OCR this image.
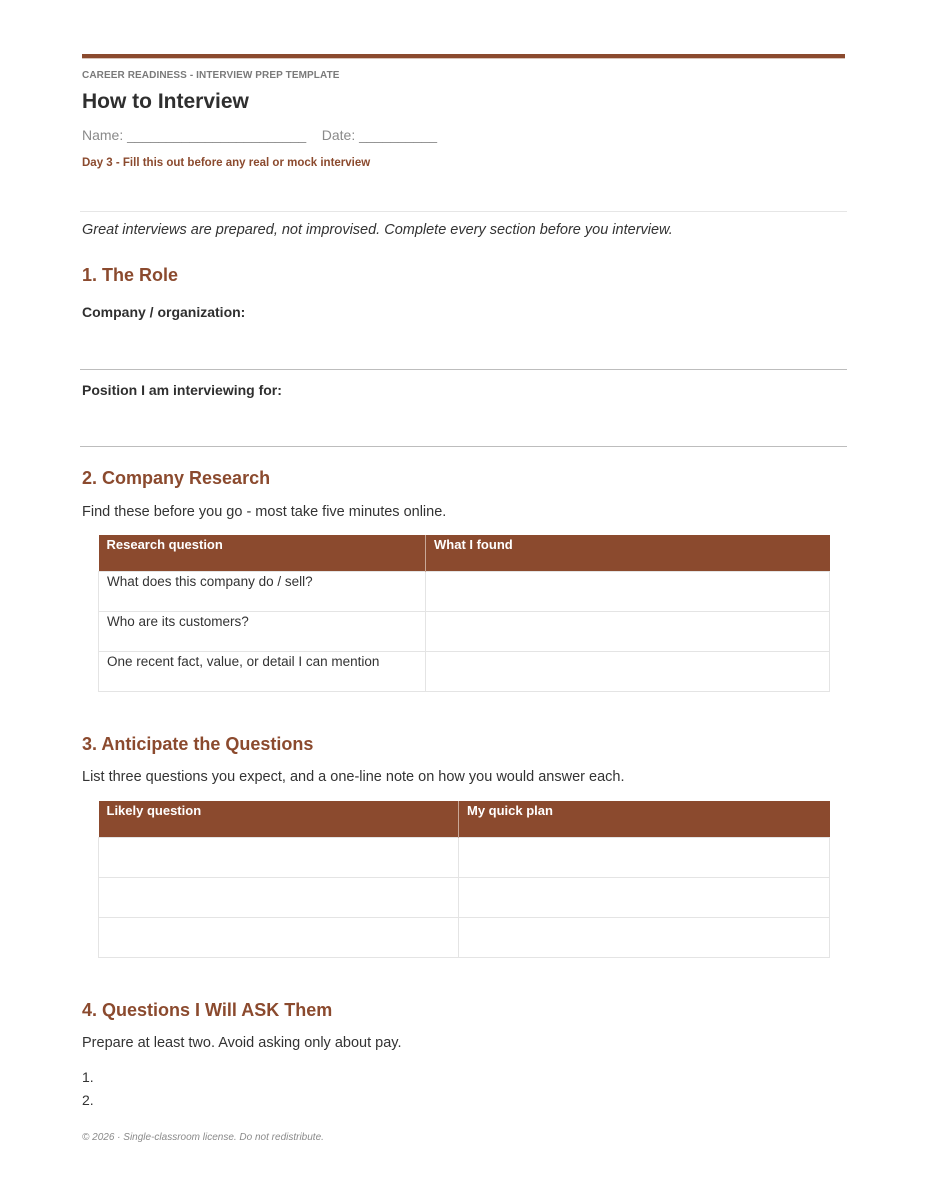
CAREER READINESS - INTERVIEW PREP TEMPLATE
How to Interview
Name: _______________________    Date: __________
Day 3 - Fill this out before any real or mock interview
Great interviews are prepared, not improvised. Complete every section before you interview.
1. The Role
Company / organization:
Position I am interviewing for:
2. Company Research
Find these before you go - most take five minutes online.
Research question	What I found
What does this company do / sell?	
Who are its customers?	
One recent fact, value, or detail I can mention	
3. Anticipate the Questions
List three questions you expect, and a one-line note on how you would answer each.
Likely question	My quick plan

4. Questions I Will ASK Them
Prepare at least two. Avoid asking only about pay.
1.
2.
© 2026 · Single-classroom license. Do not redistribute.
